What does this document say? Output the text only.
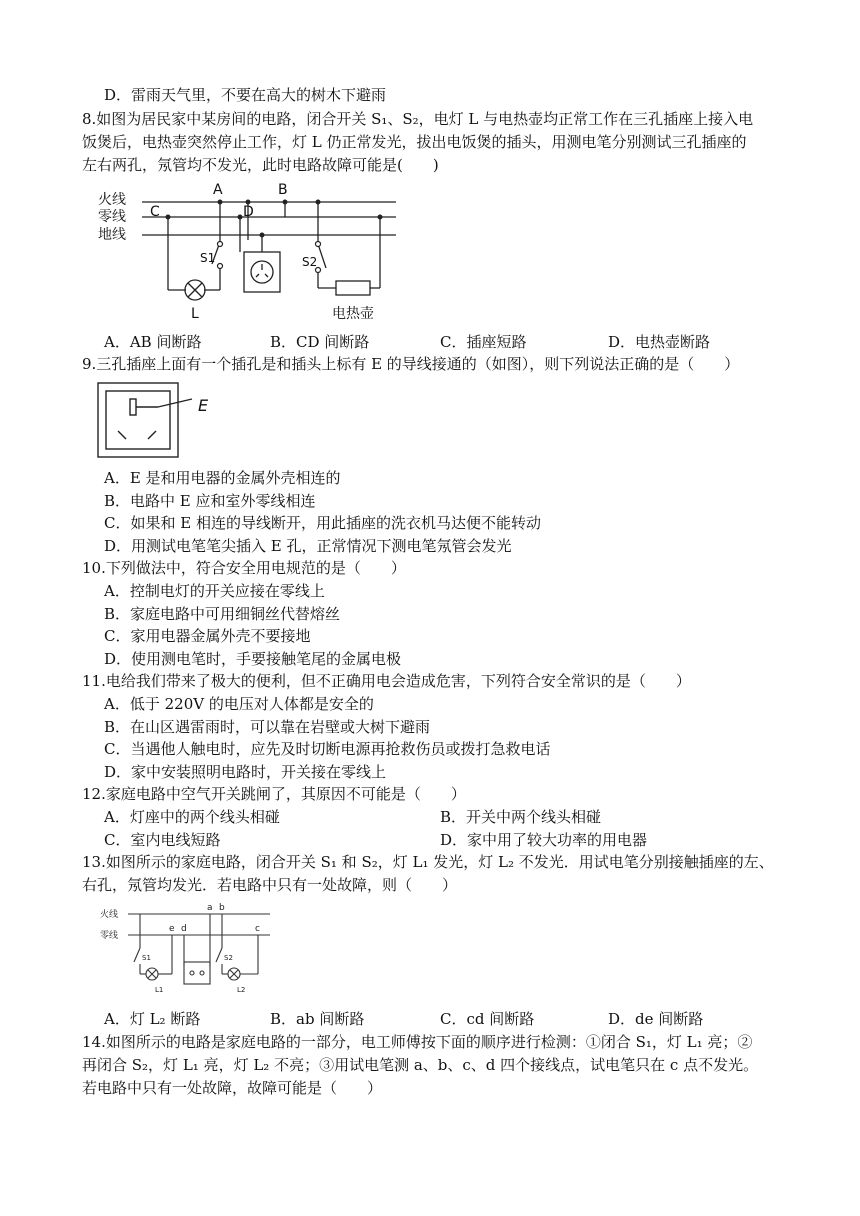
D．雷雨天气里，不要在高大的树木下避雨
8.如图为居民家中某房间的电路，闭合开关 S₁、S₂，电灯 L 与电热壶均正常工作在三孔插座上接入电
饭煲后，电热壶突然停止工作，灯 L 仍正常发光，拔出电饭煲的插头，用测电笔分别测试三孔插座的
左右两孔，氖管均不发光，此时电路故障可能是(　　)
火线
零线
地线
A	B
C	D
S1	S2
L	电热壶
A．AB 间断路	B．CD 间断路	C．插座短路	D．电热壶断路
9.三孔插座上面有一个插孔是和插头上标有 E 的导线接通的（如图），则下列说法正确的是（　　）
E
A．E 是和用电器的金属外壳相连的
B．电路中 E 应和室外零线相连
C．如果和 E 相连的导线断开，用此插座的洗衣机马达便不能转动
D．用测试电笔笔尖插入 E 孔，正常情况下测电笔氖管会发光
10.下列做法中，符合安全用电规范的是（　　）
A．控制电灯的开关应接在零线上
B．家庭电路中可用细铜丝代替熔丝
C．家用电器金属外壳不要接地
D．使用测电笔时，手要接触笔尾的金属电极
11.电给我们带来了极大的便利，但不正确用电会造成危害，下列符合安全常识的是（　　）
A．低于 220V 的电压对人体都是安全的
B．在山区遇雷雨时，可以靠在岩壁或大树下避雨
C．当遇他人触电时，应先及时切断电源再抢救伤员或拨打急救电话
D．家中安装照明电路时，开关接在零线上
12.家庭电路中空气开关跳闸了，其原因不可能是（　　）
A．灯座中的两个线头相碰	B．开关中两个线头相碰
C．室内电线短路	D．家中用了较大功率的用电器
13.如图所示的家庭电路，闭合开关 S₁ 和 S₂，灯 L₁ 发光，灯 L₂ 不发光．用试电笔分别接触插座的左、
右孔，氖管均发光．若电路中只有一处故障，则（　　）
火线
零线
a b
c
d
e
S1	S2
L1	L2
A．灯 L₂ 断路	B．ab 间断路	C．cd 间断路	D．de 间断路
14.如图所示的电路是家庭电路的一部分，电工师傅按下面的顺序进行检测：①闭合 S₁，灯 L₁ 亮；②
再闭合 S₂，灯 L₁ 亮，灯 L₂ 不亮；③用试电笔测 a、b、c、d 四个接线点，试电笔只在 c 点不发光。
若电路中只有一处故障，故障可能是（　　）
